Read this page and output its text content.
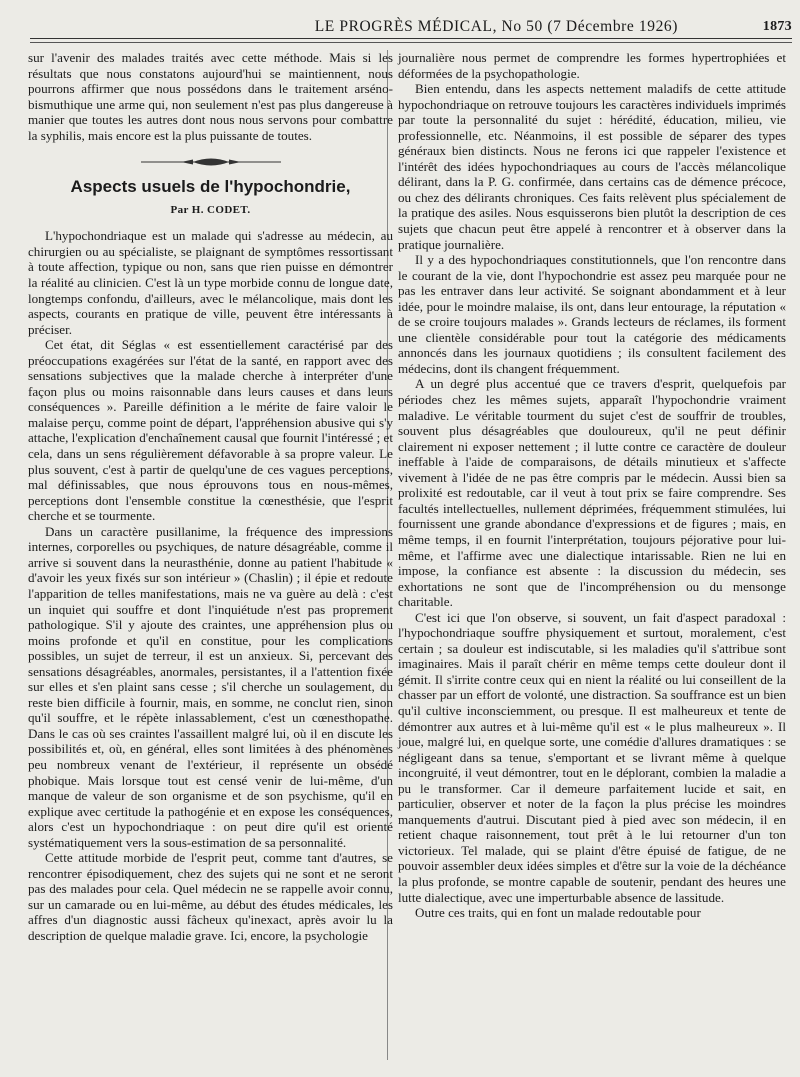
LE PROGRÈS MÉDICAL, No 50 (7 Décembre 1926)	1873

sur l'avenir des malades traités avec cette méthode. Mais si les résultats que nous constatons aujourd'hui se maintiennent, nous pourrons affirmer que nous possédons dans le traitement arséno-bismuthique une arme qui, non seulement n'est pas plus dangereuse à manier que toutes les autres dont nous nous servons pour combattre la syphilis, mais encore est la plus puissante de toutes.

Aspects usuels de l'hypochondrie,
Par H. CODET.

L'hypochondriaque est un malade qui s'adresse au médecin, au chirurgien ou au spécialiste, se plaignant de symptômes ressortissant à toute affection, typique ou non, sans que rien puisse en démontrer la réalité au clinicien. C'est là un type morbide connu de longue date, longtemps confondu, d'ailleurs, avec le mélancolique, mais dont les aspects, courants en pratique de ville, peuvent être intéressants à préciser.

Cet état, dit Séglas « est essentiellement caractérisé par des préoccupations exagérées sur l'état de la santé, en rapport avec des sensations subjectives que la malade cherche à interpréter d'une façon plus ou moins raisonnable dans leurs causes et dans leurs conséquences ». Pareille définition a le mérite de faire valoir le malaise perçu, comme point de départ, l'appréhension abusive qui s'y attache, l'explication d'enchaînement causal que fournit l'intéressé ; et cela, dans un sens régulièrement défavorable à sa propre valeur. Le plus souvent, c'est à partir de quelqu'une de ces vagues perceptions, mal définissables, que nous éprouvons tous en nous-mêmes, perceptions dont l'ensemble constitue la cœnesthésie, que l'esprit cherche et se tourmente.

Dans un caractère pusillanime, la fréquence des impressions internes, corporelles ou psychiques, de nature désagréable, comme il arrive si souvent dans la neurasthénie, donne au patient l'habitude « d'avoir les yeux fixés sur son intérieur » (Chaslin) ; il épie et redoute l'apparition de telles manifestations, mais ne va guère au delà : c'est un inquiet qui souffre et dont l'inquiétude n'est pas proprement pathologique. S'il y ajoute des craintes, une appréhension plus ou moins profonde et qu'il en constitue, pour les complications possibles, un sujet de terreur, il est un anxieux. Si, percevant des sensations désagréables, anormales, persistantes, il a l'attention fixée sur elles et s'en plaint sans cesse ; s'il cherche un soulagement, du reste bien difficile à fournir, mais, en somme, ne conclut rien, sinon qu'il souffre, et le répète inlassablement, c'est un cœnesthopathe. Dans le cas où ses craintes l'assaillent malgré lui, où il en discute les possibilités et, où, en général, elles sont limitées à des phénomènes peu nombreux venant de l'extérieur, il représente un obsédé phobique. Mais lorsque tout est censé venir de lui-même, d'un manque de valeur de son organisme et de son psychisme, qu'il en explique avec certitude la pathogénie et en expose les conséquences, alors c'est un hypochondriaque : on peut dire qu'il est orienté systématiquement vers la sous-estimation de sa personnalité.

Cette attitude morbide de l'esprit peut, comme tant d'autres, se rencontrer épisodiquement, chez des sujets qui ne sont et ne seront pas des malades pour cela. Quel médecin ne se rappelle avoir connu, sur un camarade ou en lui-même, au début des études médicales, les affres d'un diagnostic aussi fâcheux qu'inexact, après avoir lu la description de quelque maladie grave. Ici, encore, la psychologie

journalière nous permet de comprendre les formes hypertrophiées et déformées de la psychopathologie.

Bien entendu, dans les aspects nettement maladifs de cette attitude hypochondriaque on retrouve toujours les caractères individuels imprimés par toute la personnalité du sujet : hérédité, éducation, milieu, vie professionnelle, etc. Néanmoins, il est possible de séparer des types généraux bien distincts. Nous ne ferons ici que rappeler l'existence et l'intérêt des idées hypochondriaques au cours de l'accès mélancolique délirant, dans la P. G. confirmée, dans certains cas de démence précoce, ou chez des délirants chroniques. Ces faits relèvent plus spécialement de la pratique des asiles. Nous esquisserons bien plutôt la description de ces sujets que chacun peut être appelé à rencontrer et à observer dans la pratique journalière.

Il y a des hypochondriaques constitutionnels, que l'on rencontre dans le courant de la vie, dont l'hypochondrie est assez peu marquée pour ne pas les entraver dans leur activité. Se soignant abondamment et à leur idée, pour le moindre malaise, ils ont, dans leur entourage, la réputation « de se croire toujours malades ». Grands lecteurs de réclames, ils forment une clientèle considérable pour tout la catégorie des médicaments annoncés dans les journaux quotidiens ; ils consultent facilement des médecins, dont ils changent fréquemment.

A un degré plus accentué que ce travers d'esprit, quelquefois par périodes chez les mêmes sujets, apparaît l'hypochondrie vraiment maladive. Le véritable tourment du sujet c'est de souffrir de troubles, souvent plus désagréables que douloureux, qu'il ne peut définir clairement ni exposer nettement ; il lutte contre ce caractère de douleur ineffable à l'aide de comparaisons, de détails minutieux et s'affecte vivement à l'idée de ne pas être compris par le médecin. Aussi bien sa prolixité est redoutable, car il veut à tout prix se faire comprendre. Ses facultés intellectuelles, nullement déprimées, fréquemment stimulées, lui fournissent une grande abondance d'expressions et de figures ; mais, en même temps, il en fournit l'interprétation, toujours péjorative pour lui-même, et l'affirme avec une dialectique intarissable. Rien ne lui en impose, la confiance est absente : la discussion du médecin, ses exhortations ne sont que de l'incompréhension ou du mensonge charitable.

C'est ici que l'on observe, si souvent, un fait d'aspect paradoxal : l'hypochondriaque souffre physiquement et surtout, moralement, c'est certain ; sa douleur est indiscutable, si les maladies qu'il s'attribue sont imaginaires. Mais il paraît chérir en même temps cette douleur dont il gémit. Il s'irrite contre ceux qui en nient la réalité ou lui conseillent de la chasser par un effort de volonté, une distraction. Sa souffrance est un bien qu'il cultive inconsciemment, ou presque. Il est malheureux et tente de démontrer aux autres et à lui-même qu'il est « le plus malheureux ». Il joue, malgré lui, en quelque sorte, une comédie d'allures dramatiques : se négligeant dans sa tenue, s'emportant et se livrant même à quelque incongruité, il veut démontrer, tout en le déplorant, combien la maladie a pu le transformer. Car il demeure parfaitement lucide et sait, en particulier, observer et noter de la façon la plus précise les moindres manquements d'autrui. Discutant pied à pied avec son médecin, il en retient chaque raisonnement, tout prêt à le lui retourner d'un ton victorieux. Tel malade, qui se plaint d'être épuisé de fatigue, de ne pouvoir assembler deux idées simples et d'être sur la voie de la déchéance la plus profonde, se montre capable de soutenir, pendant des heures une lutte dialectique, avec une imperturbable absence de lassitude.

Outre ces traits, qui en font un malade redoutable pour
